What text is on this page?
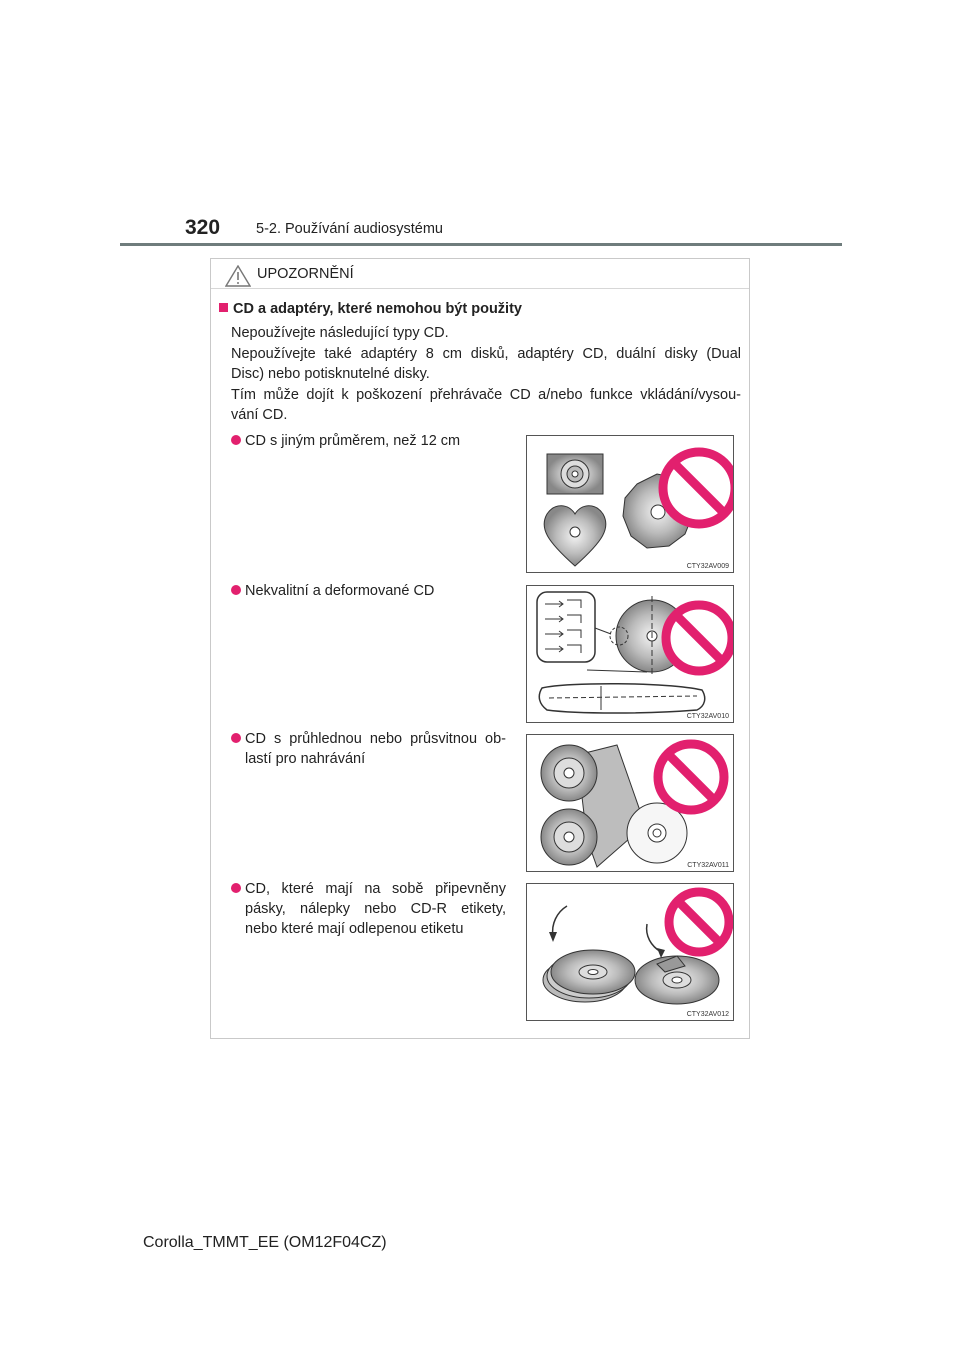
320 5-2. Používání audiosystému
UPOZORNĚNÍ
CD a adaptéry, které nemohou být použity
Nepoužívejte následující typy CD.
Nepoužívejte také adaptéry 8 cm disků, adaptéry CD, duální disky (Dual
Disc) nebo potisknutelné disky.
Tím může dojít k poškození přehrávače CD a/nebo funkce vkládání/vysou-
vání CD.
CD s jiným průměrem, než 12 cm
CTY32AV009
Nekvalitní a deformované CD
CTY32AV010
CD s průhlednou nebo průsvitnou ob-
lastí pro nahrávání
CTY32AV011
CD, které mají na sobě připevněny
pásky, nálepky nebo CD-R etikety,
nebo které mají odlepenou etiketu
CTY32AV012
Corolla_TMMT_EE (OM12F04CZ)
